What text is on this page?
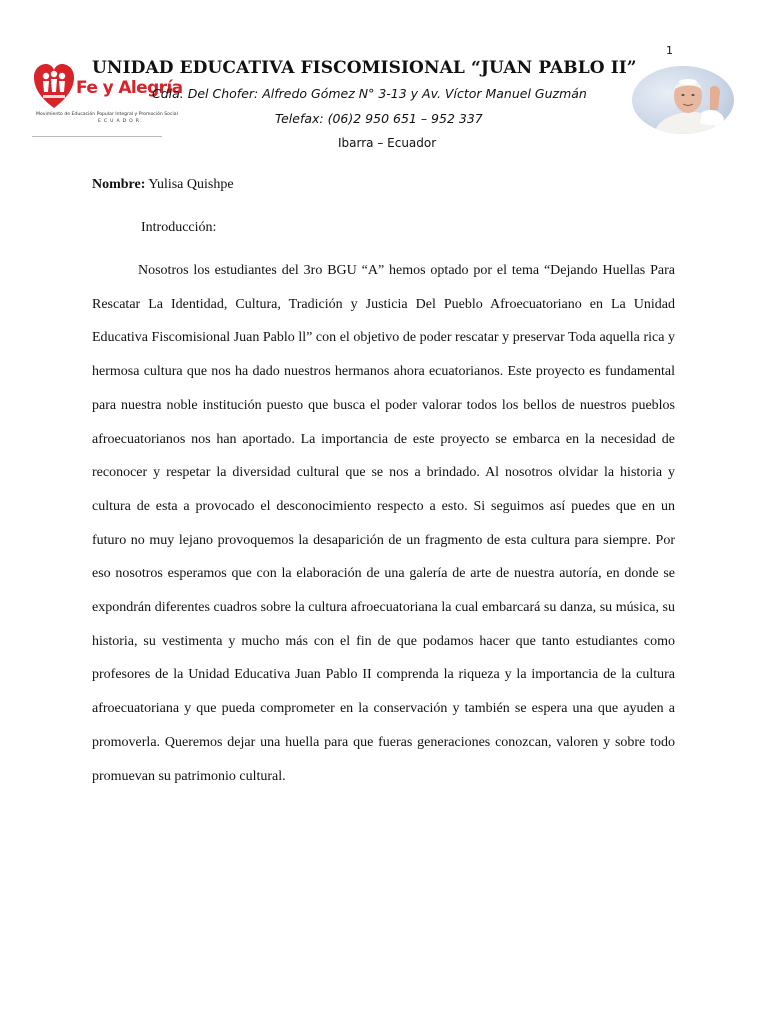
1
Fe y Alegría
Movimiento de Educación Popular Integral y Promoción Social
ECUADOR
UNIDAD EDUCATIVA FISCOMISIONAL “JUAN PABLO II”
Cdla. Del Chofer: Alfredo Gómez N° 3-13 y Av. Víctor Manuel Guzmán
Telefax: (06)2 950 651 – 952 337
Ibarra – Ecuador
Nombre: Yulisa Quishpe
Introducción:

Nosotros los estudiantes del 3ro BGU “A” hemos optado por el tema “Dejando Huellas Para Rescatar La Identidad, Cultura, Tradición y Justicia Del Pueblo Afroecuatoriano en La Unidad Educativa Fiscomisional Juan Pablo ll” con el objetivo de poder rescatar y preservar Toda aquella rica y hermosa cultura que nos ha dado nuestros hermanos ahora ecuatorianos. Este proyecto es fundamental para nuestra noble institución puesto que busca el poder valorar todos los bellos de nuestros pueblos afroecuatorianos nos han aportado. La importancia de este proyecto se embarca en la necesidad de reconocer y respetar la diversidad cultural que se nos a brindado. Al nosotros olvidar la historia y cultura de esta a provocado el desconocimiento respecto a esto. Si seguimos así puedes que en un futuro no muy lejano provoquemos la desaparición de un fragmento de esta cultura para siempre. Por eso nosotros esperamos que con la elaboración de una galería de arte de nuestra autoría, en donde se expondrán diferentes cuadros sobre la cultura afroecuatoriana la cual embarcará su danza, su música, su historia, su vestimenta y mucho más con el fin de que podamos hacer que tanto estudiantes como profesores de la Unidad Educativa Juan Pablo II comprenda la riqueza y la importancia de la cultura afroecuatoriana y que pueda comprometer en la conservación y también se espera una que ayuden a promoverla. Queremos dejar una huella para que fueras generaciones conozcan, valoren y sobre todo promuevan su patrimonio cultural.
